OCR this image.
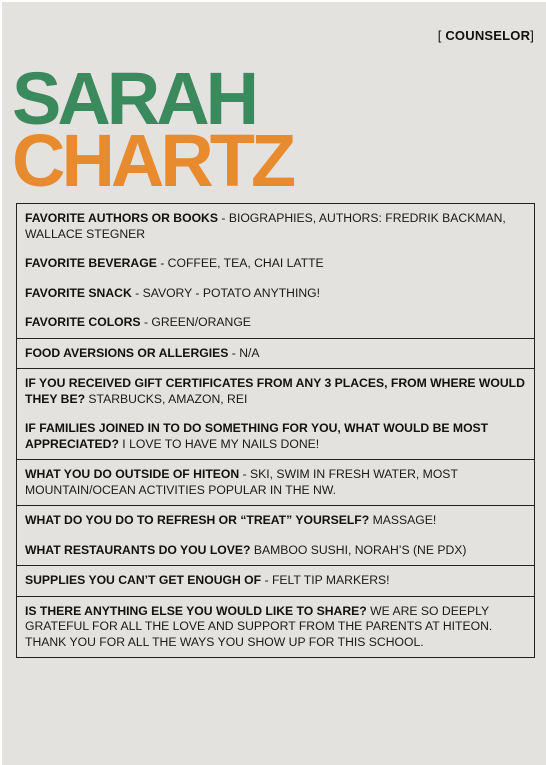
[ COUNSELOR]
SARAH
CHARTZ
FAVORITE AUTHORS OR BOOKS - BIOGRAPHIES, AUTHORS: FREDRIK BACKMAN, WALLACE STEGNER
FAVORITE BEVERAGE - COFFEE, TEA, CHAI LATTE
FAVORITE SNACK - SAVORY - POTATO ANYTHING!
FAVORITE COLORS - GREEN/ORANGE
FOOD AVERSIONS OR ALLERGIES - N/A
IF YOU RECEIVED GIFT CERTIFICATES FROM ANY 3 PLACES, FROM WHERE WOULD THEY BE? STARBUCKS, AMAZON, REI
IF FAMILIES JOINED IN TO DO SOMETHING FOR YOU, WHAT WOULD BE MOST APPRECIATED? I LOVE TO HAVE MY NAILS DONE!
WHAT YOU DO OUTSIDE OF HITEON - SKI, SWIM IN FRESH WATER, MOST MOUNTAIN/OCEAN ACTIVITIES POPULAR IN THE NW.
WHAT DO YOU DO TO REFRESH OR “TREAT” YOURSELF? MASSAGE!
WHAT RESTAURANTS DO YOU LOVE? BAMBOO SUSHI, NORAH’S (NE PDX)
SUPPLIES YOU CAN’T GET ENOUGH OF - FELT TIP MARKERS!
IS THERE ANYTHING ELSE YOU WOULD LIKE TO SHARE? WE ARE SO DEEPLY GRATEFUL FOR ALL THE LOVE AND SUPPORT FROM THE PARENTS AT HITEON. THANK YOU FOR ALL THE WAYS YOU SHOW UP FOR THIS SCHOOL.
